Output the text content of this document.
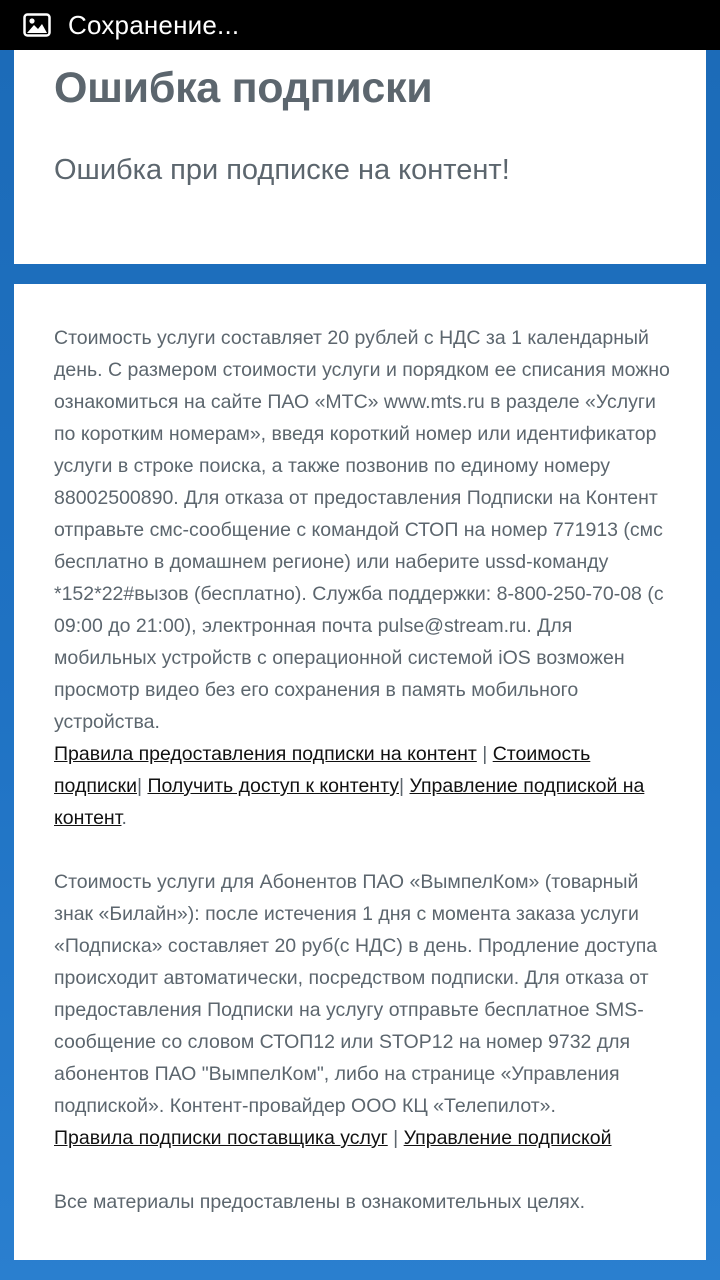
Сохранение...
Ошибка подписки
Ошибка при подписке на контент!

Стоимость услуги составляет 20 рублей с НДС за 1 календарный день. С размером стоимости услуги и порядком ее списания можно ознакомиться на сайте ПАО «МТС» www.mts.ru в разделе «Услуги по коротким номерам», введя короткий номер или идентификатор услуги в строке поиска, а также позвонив по единому номеру 88002500890. Для отказа от предоставления Подписки на Контент отправьте смс-сообщение с командой СТОП на номер 771913 (смс бесплатно в домашнем регионе) или наберите ussd-команду *152*22#вызов (бесплатно). Служба поддержки: 8-800-250-70-08 (с 09:00 до 21:00), электронная почта pulse@stream.ru. Для мобильных устройств с операционной системой iOS возможен просмотр видео без его сохранения в память мобильного устройства.

Правила предоставления подписки на контент | Стоимость подписки| Получить доступ к контенту| Управление подпиской на контент.

Стоимость услуги для Абонентов ПАО «ВымпелКом» (товарный знак «Билайн»): после истечения 1 дня с момента заказа услуги «Подписка» составляет 20 руб(с НДС) в день. Продление доступа происходит автоматически, посредством подписки. Для отказа от предоставления Подписки на услугу отправьте бесплатное SMS-сообщение со словом СТОП12 или STOP12 на номер 9732 для абонентов ПАО "ВымпелКом", либо на странице «Управления подпиской». Контент-провайдер ООО КЦ «Телепилот».

Правила подписки поставщика услуг | Управление подпиской

Все материалы предоставлены в ознакомительных целях.
